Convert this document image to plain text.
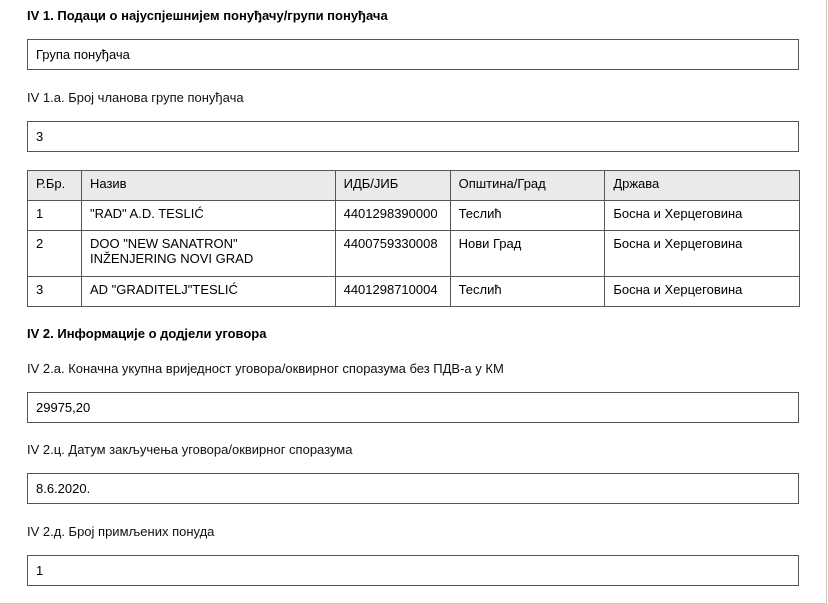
IV 1. Подаци о најуспјешнијем понуђачу/групи понуђача
Група понуђача
IV 1.a. Број чланова групе понуђача
3
Р.Бр.	Назив	ИДБ/ЈИБ	Општина/Град	Држава
1	"RAD" A.D. TESLIĆ	4401298390000	Теслић	Босна и Херцеговина
2	DOO "NEW SANATRON" INŽENJERING NOVI GRAD	4400759330008	Нови Град	Босна и Херцеговина
3	AD "GRADITELJ"TESLIĆ	4401298710004	Теслић	Босна и Херцеговина
IV 2. Информације о додјели уговора
IV 2.a. Коначна укупна вриједност уговора/оквирног споразума без ПДВ-а у КМ
29975,20
IV 2.ц. Датум закључења уговора/оквирног споразума
8.6.2020.
IV 2.д. Број примљених понуда
1
